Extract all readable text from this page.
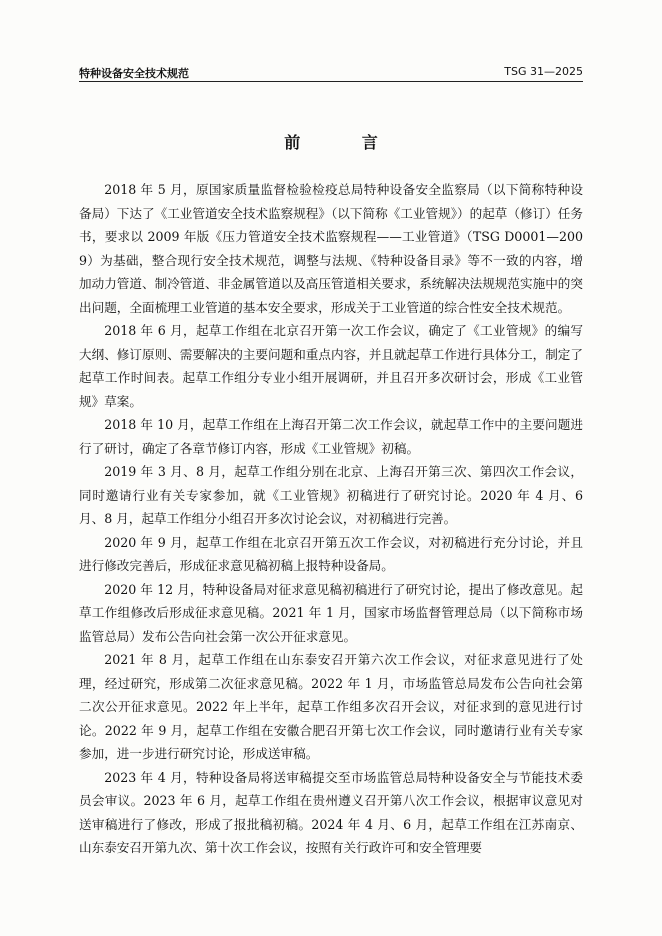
特种设备安全技术规范	TSG 31—2025
前 言

2018 年 5 月，原国家质量监督检验检疫总局特种设备安全监察局（以下简称特种设备局）下达了《工业管道安全技术监察规程》（以下简称《工业管规》）的起草（修订）任务书，要求以 2009 年版《压力管道安全技术监察规程——工业管道》（TSG D0001—2009）为基础，整合现行安全技术规范，调整与法规、《特种设备目录》等不一致的内容，增加动力管道、制冷管道、非金属管道以及高压管道相关要求，系统解决法规规范实施中的突出问题，全面梳理工业管道的基本安全要求，形成关于工业管道的综合性安全技术规范。

2018 年 6 月，起草工作组在北京召开第一次工作会议，确定了《工业管规》的编写大纲、修订原则、需要解决的主要问题和重点内容，并且就起草工作进行具体分工，制定了起草工作时间表。起草工作组分专业小组开展调研，并且召开多次研讨会，形成《工业管规》草案。

2018 年 10 月，起草工作组在上海召开第二次工作会议，就起草工作中的主要问题进行了研讨，确定了各章节修订内容，形成《工业管规》初稿。

2019 年 3 月、8 月，起草工作组分别在北京、上海召开第三次、第四次工作会议，同时邀请行业有关专家参加，就《工业管规》初稿进行了研究讨论。2020 年 4 月、6 月、8 月，起草工作组分小组召开多次讨论会议，对初稿进行完善。

2020 年 9 月，起草工作组在北京召开第五次工作会议，对初稿进行充分讨论，并且进行修改完善后，形成征求意见稿初稿上报特种设备局。

2020 年 12 月，特种设备局对征求意见稿初稿进行了研究讨论，提出了修改意见。起草工作组修改后形成征求意见稿。2021 年 1 月，国家市场监督管理总局（以下简称市场监管总局）发布公告向社会第一次公开征求意见。

2021 年 8 月，起草工作组在山东泰安召开第六次工作会议，对征求意见进行了处理，经过研究，形成第二次征求意见稿。2022 年 1 月，市场监管总局发布公告向社会第二次公开征求意见。2022 年上半年，起草工作组多次召开会议，对征求到的意见进行讨论。2022 年 9 月，起草工作组在安徽合肥召开第七次工作会议，同时邀请行业有关专家参加，进一步进行研究讨论，形成送审稿。

2023 年 4 月，特种设备局将送审稿提交至市场监管总局特种设备安全与节能技术委员会审议。2023 年 6 月，起草工作组在贵州遵义召开第八次工作会议，根据审议意见对送审稿进行了修改，形成了报批稿初稿。2024 年 4 月、6 月，起草工作组在江苏南京、山东泰安召开第九次、第十次工作会议，按照有关行政许可和安全管理要
